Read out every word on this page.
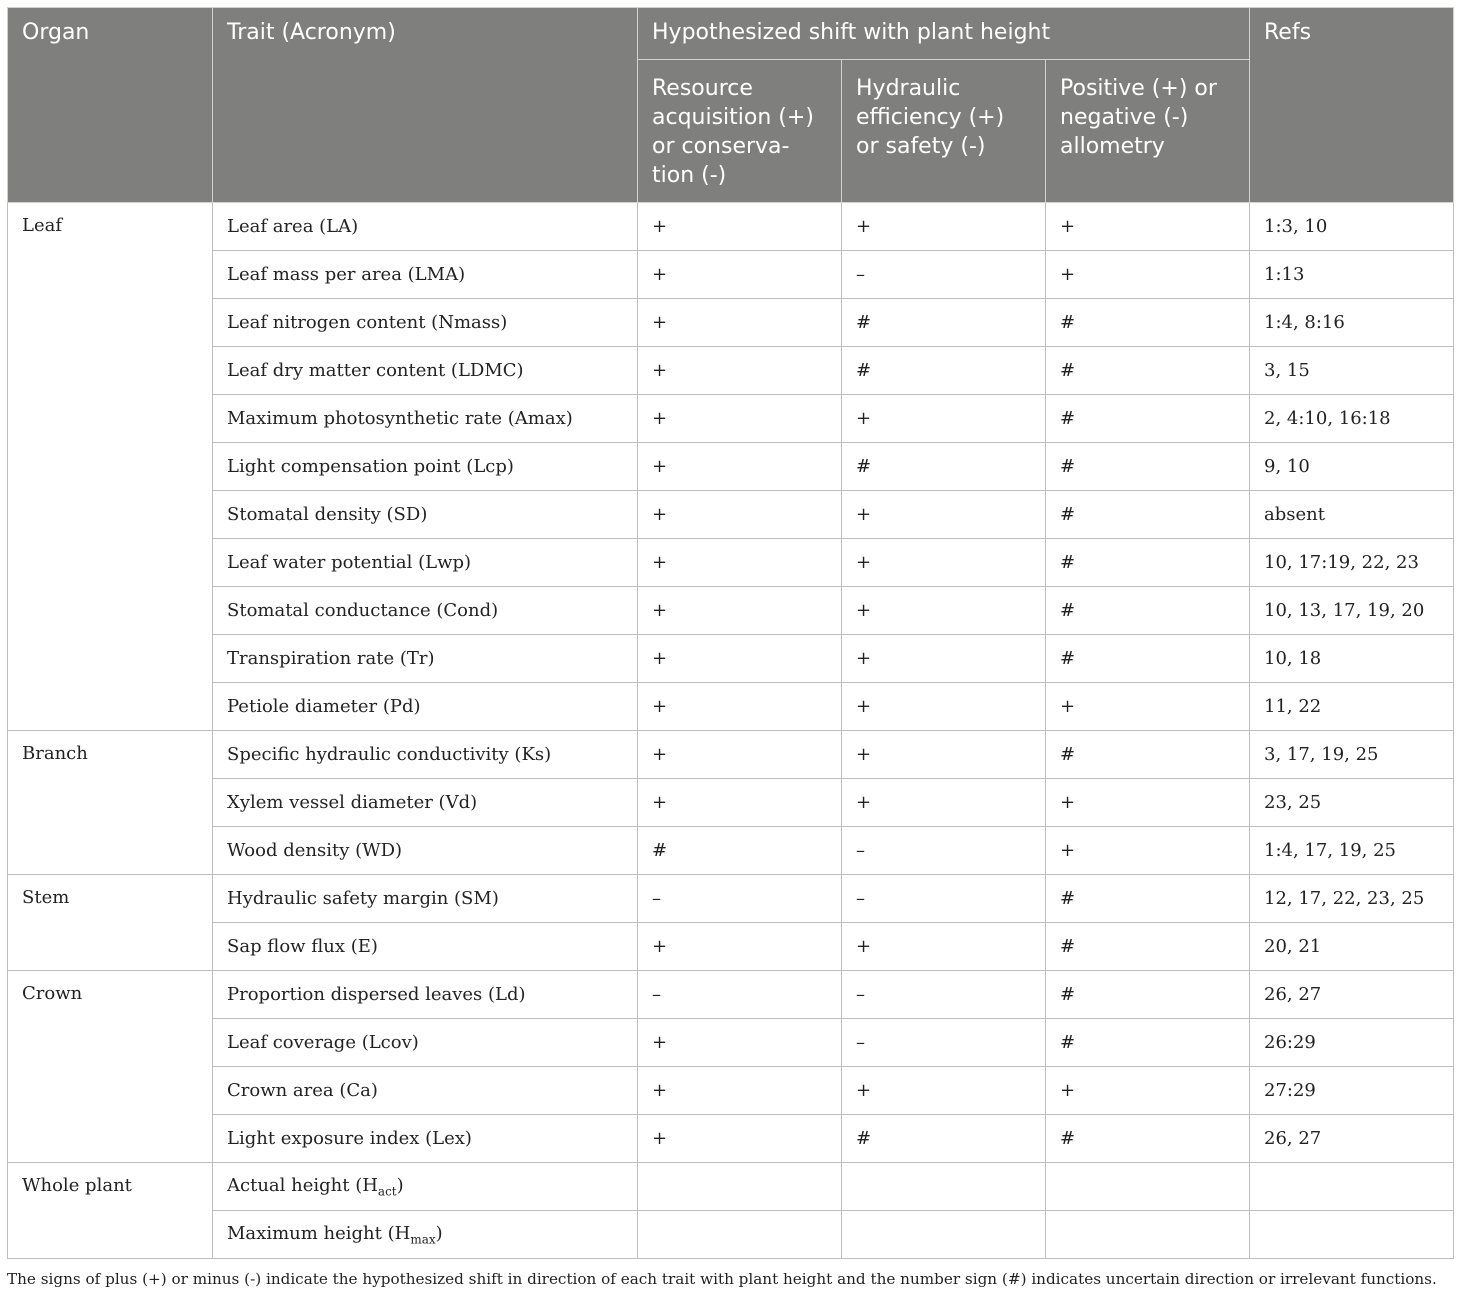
Organ	Trait (Acronym)	Hypothesized shift with plant height			Refs
		Resource acquisition (+) or conserva-tion (-)	Hydraulic efficiency (+) or safety (-)	Positive (+) or negative (-) allometry	
Leaf	Leaf area (LA)	+	+	+	1:3, 10
	Leaf mass per area (LMA)	+	–	+	1:13
	Leaf nitrogen content (Nmass)	+	#	#	1:4, 8:16
	Leaf dry matter content (LDMC)	+	#	#	3, 15
	Maximum photosynthetic rate (Amax)	+	+	#	2, 4:10, 16:18
	Light compensation point (Lcp)	+	#	#	9, 10
	Stomatal density (SD)	+	+	#	absent
	Leaf water potential (Lwp)	+	+	#	10, 17:19, 22, 23
	Stomatal conductance (Cond)	+	+	#	10, 13, 17, 19, 20
	Transpiration rate (Tr)	+	+	#	10, 18
	Petiole diameter (Pd)	+	+	+	11, 22
Branch	Specific hydraulic conductivity (Ks)	+	+	#	3, 17, 19, 25
	Xylem vessel diameter (Vd)	+	+	+	23, 25
	Wood density (WD)	#	–	+	1:4, 17, 19, 25
Stem	Hydraulic safety margin (SM)	–	–	#	12, 17, 22, 23, 25
	Sap flow flux (E)	+	+	#	20, 21
Crown	Proportion dispersed leaves (Ld)	–	–	#	26, 27
	Leaf coverage (Lcov)	+	–	#	26:29
	Crown area (Ca)	+	+	+	27:29
	Light exposure index (Lex)	+	#	#	26, 27
Whole plant	Actual height $(H_{act})$				
	Maximum height $(H_{max})$				
The signs of plus (+) or minus (-) indicate the hypothesized shift in direction of each trait with plant height and the number sign (#) indicates uncertain direction or irrelevant functions.
